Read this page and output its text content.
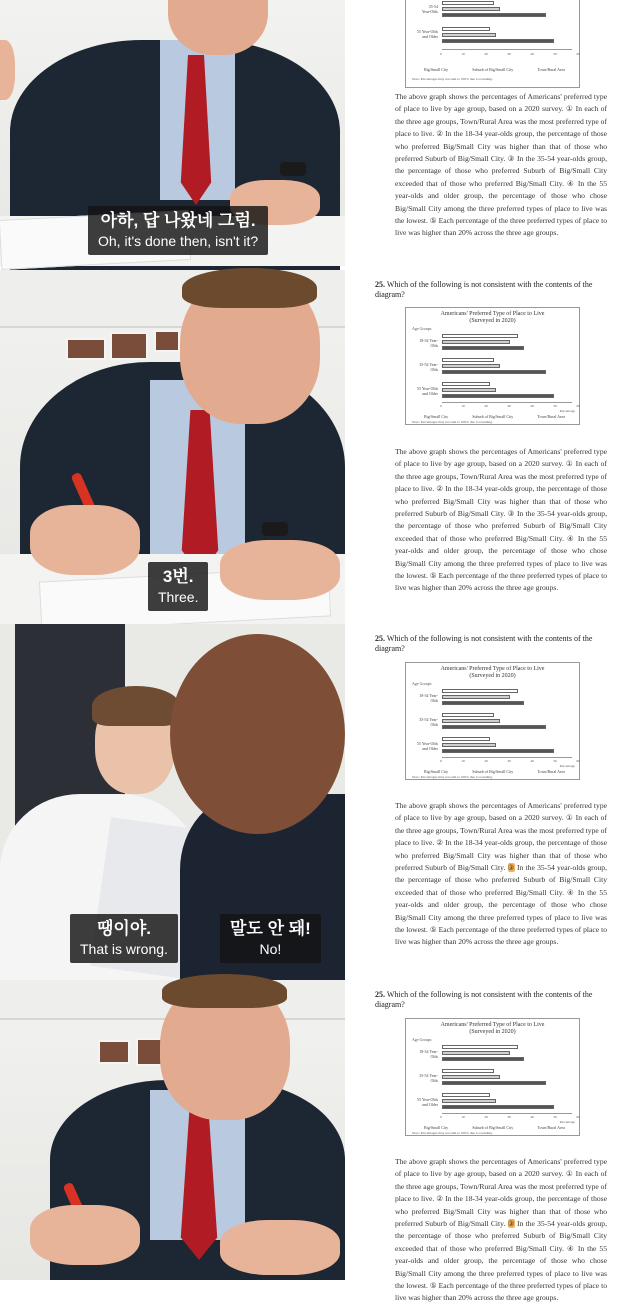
아하, 답 나왔네 그럼.
Oh, it's done then, isn't it?
35-54
Year-Olds
55 Year-Olds
and Older
0	10	20	30	40	50	60
Big/Small City	Suburb of Big/Small City	Town/Rural Area
Note: Percentages may not sum to 100% due to rounding.
The above graph shows the percentages of Americans' preferred type of place to live by age group, based on a 2020 survey. ① In each of the three age groups, Town/Rural Area was the most preferred type of place to live. ② In the 18-34 year-olds group, the percentage of those who preferred Big/Small City was higher than that of those who preferred Suburb of Big/Small City. ③ In the 35-54 year-olds group, the percentage of those who preferred Suburb of Big/Small City exceeded that of those who preferred Big/Small City. ④ In the 55 year-olds and older group, the percentage of those who chose Big/Small City among the three preferred types of place to live was the lowest. ⑤ Each percentage of the three preferred types of place to live was higher than 20% across the three age groups.
3번.
Three.
25. Which of the following is not consistent with the contents of the diagram?
Americans' Preferred Type of Place to Live
(Surveyed in 2020)
Age Groups
18-34 Year-Olds
35-54 Year-Olds
55 Year-Olds and Older
0	10	20	30	40	50	60
Percentage
Big/Small City	Suburb of Big/Small City	Town/Rural Area
Note: Percentages may not sum to 100% due to rounding.
The above graph shows the percentages of Americans' preferred type of place to live by age group, based on a 2020 survey. ① In each of the three age groups, Town/Rural Area was the most preferred type of place to live. ② In the 18-34 year-olds group, the percentage of those who preferred Big/Small City was higher than that of those who preferred Suburb of Big/Small City. ③ In the 35-54 year-olds group, the percentage of those who preferred Suburb of Big/Small City exceeded that of those who preferred Big/Small City. ④ In the 55 year-olds and older group, the percentage of those who chose Big/Small City among the three preferred types of place to live was the lowest. ⑤ Each percentage of the three preferred types of place to live was higher than 20% across the three age groups.
땡이야.
That is wrong.
말도 안 돼!
No!
25. Which of the following is not consistent with the contents of the diagram?
Americans' Preferred Type of Place to Live
(Surveyed in 2020)
Age Groups
18-34 Year-Olds
35-54 Year-Olds
55 Year-Olds and Older
0	10	20	30	40	50	60
Percentage
Big/Small City	Suburb of Big/Small City	Town/Rural Area
Note: Percentages may not sum to 100% due to rounding.
The above graph shows the percentages of Americans' preferred type of place to live by age group, based on a 2020 survey. ① In each of the three age groups, Town/Rural Area was the most preferred type of place to live. ② In the 18-34 year-olds group, the percentage of those who preferred Big/Small City was higher than that of those who preferred Suburb of Big/Small City. ③ In the 35-54 year-olds group, the percentage of those who preferred Suburb of Big/Small City exceeded that of those who preferred Big/Small City. ④ In the 55 year-olds and older group, the percentage of those who chose Big/Small City among the three preferred types of place to live was the lowest. ⑤ Each percentage of the three preferred types of place to live was higher than 20% across the three age groups.
25. Which of the following is not consistent with the contents of the diagram?
Americans' Preferred Type of Place to Live
(Surveyed in 2020)
Age Groups
18-34 Year-Olds
35-54 Year-Olds
55 Year-Olds and Older
0	10	20	30	40	50	60
Percentage
Big/Small City	Suburb of Big/Small City	Town/Rural Area
Note: Percentages may not sum to 100% due to rounding.
The above graph shows the percentages of Americans' preferred type of place to live by age group, based on a 2020 survey. ① In each of the three age groups, Town/Rural Area was the most preferred type of place to live. ② In the 18-34 year-olds group, the percentage of those who preferred Big/Small City was higher than that of those who preferred Suburb of Big/Small City. ③ In the 35-54 year-olds group, the percentage of those who preferred Suburb of Big/Small City exceeded that of those who preferred Big/Small City. ④ In the 55 year-olds and older group, the percentage of those who chose Big/Small City among the three preferred types of place to live was the lowest. ⑤ Each percentage of the three preferred types of place to live was higher than 20% across the three age groups.
